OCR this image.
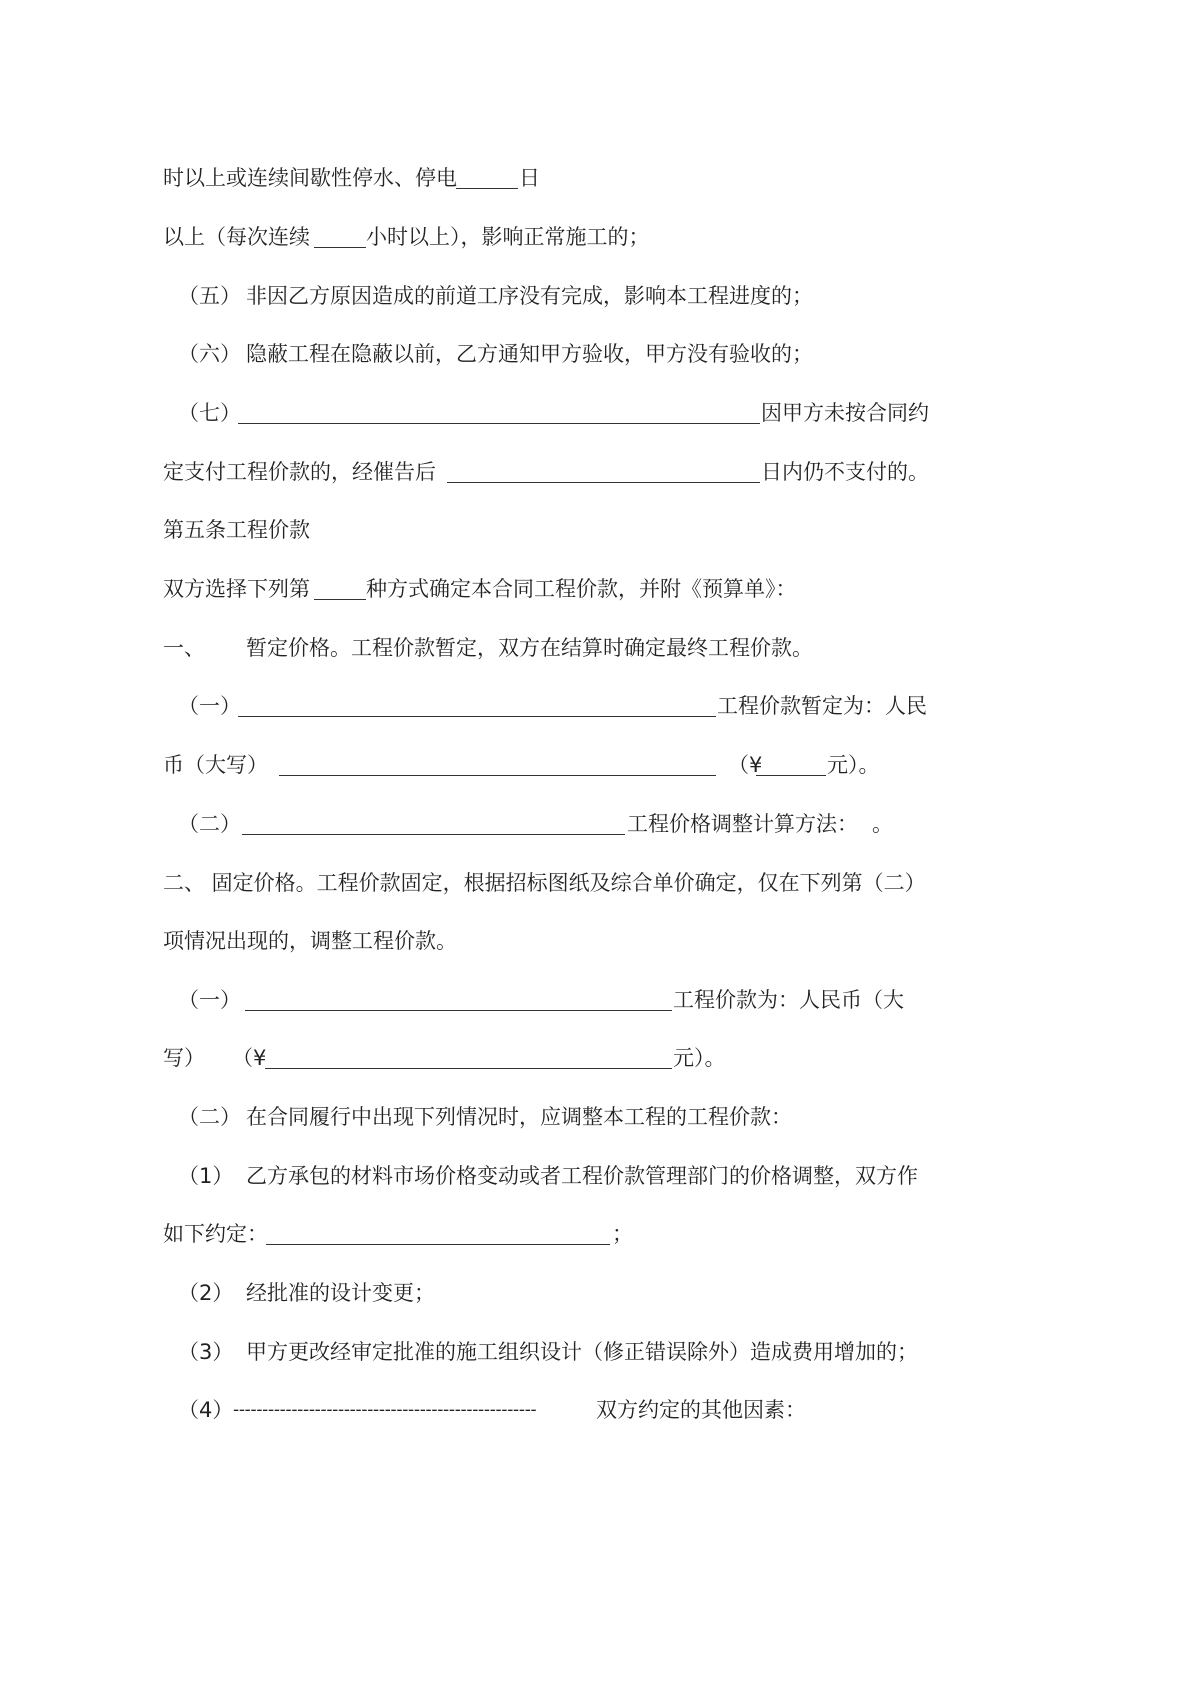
时以上或连续间歇性停水、停电	日
以上（每次连续	小时以上），影响正常施工的；
（五） 非因乙方原因造成的前道工序没有完成，影响本工程进度的；
（六） 隐蔽工程在隐蔽以前，乙方通知甲方验收，甲方没有验收的；
（七）	因甲方未按合同约
定支付工程价款的，经催告后	日内仍不支付的。
第五条工程价款
双方选择下列第	种方式确定本合同工程价款，并附《预算单》：
一、 暂定价格。工程价款暂定，双方在结算时确定最终工程价款。
（一）	工程价款暂定为：人民
币（大写）	（¥	元）。
（二）	工程价格调整计算方法： 。
二、 固定价格。工程价款固定，根据招标图纸及综合单价确定，仅在下列第（二）
项情况出现的，调整工程价款。
（一）	工程价款为：人民币（大
写） （¥	元）。
（二） 在合同履行中出现下列情况时，应调整本工程的工程价款：
（1） 乙方承包的材料市场价格变动或者工程价款管理部门的价格调整，双方作
如下约定：	；
（2） 经批准的设计变更；
（3） 甲方更改经审定批准的施工组织设计（修正错误除外）造成费用增加的；
（4） ----------------------------------------------------	双方约定的其他因素：
